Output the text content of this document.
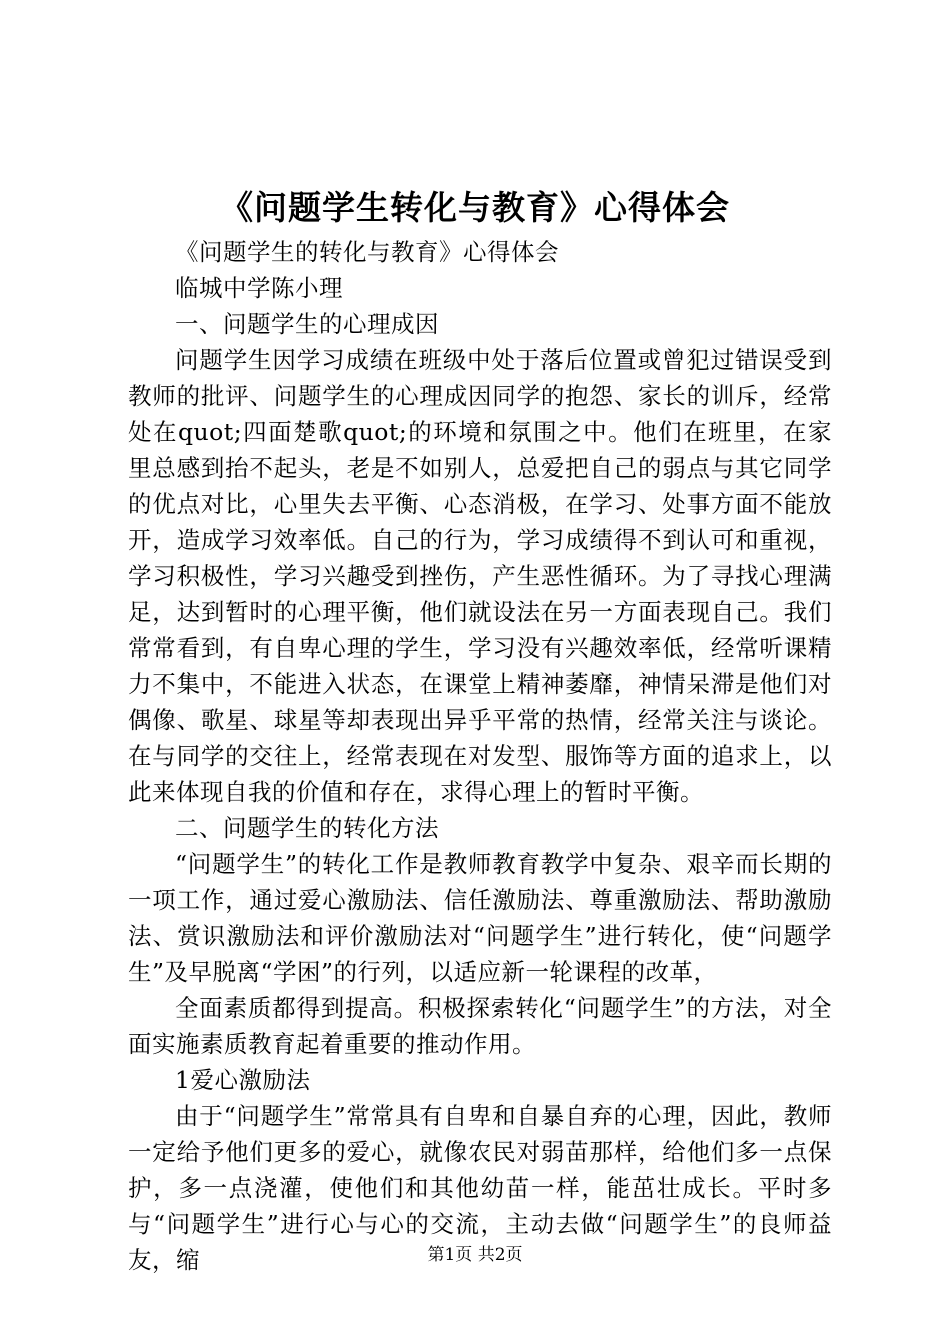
《问题学生转化与教育》心得体会

《问题学生的转化与教育》心得体会

临城中学陈小理

一、问题学生的心理成因

问题学生因学习成绩在班级中处于落后位置或曾犯过错误受到教师的批评、问题学生的心理成因同学的抱怨、家长的训斥，经常处在quot;四面楚歌quot;的环境和氛围之中。他们在班里，在家里总感到抬不起头，老是不如别人，总爱把自己的弱点与其它同学的优点对比，心里失去平衡、心态消极，在学习、处事方面不能放开，造成学习效率低。自己的行为，学习成绩得不到认可和重视，学习积极性，学习兴趣受到挫伤，产生恶性循环。为了寻找心理满足，达到暂时的心理平衡，他们就设法在另一方面表现自己。我们常常看到，有自卑心理的学生，学习没有兴趣效率低，经常听课精力不集中，不能进入状态，在课堂上精神萎靡，神情呆滞是他们对偶像、歌星、球星等却表现出异乎平常的热情，经常关注与谈论。在与同学的交往上，经常表现在对发型、服饰等方面的追求上，以此来体现自我的价值和存在，求得心理上的暂时平衡。

二、问题学生的转化方法

“问题学生”的转化工作是教师教育教学中复杂、艰辛而长期的一项工作，通过爱心激励法、信任激励法、尊重激励法、帮助激励法、赏识激励法和评价激励法对“问题学生”进行转化，使“问题学生”及早脱离“学困”的行列，以适应新一轮课程的改革，

全面素质都得到提高。积极探索转化“问题学生”的方法，对全面实施素质教育起着重要的推动作用。

1爱心激励法

由于“问题学生”常常具有自卑和自暴自弃的心理，因此，教师一定给予他们更多的爱心，就像农民对弱苗那样，给他们多一点保护，多一点浇灌，使他们和其他幼苗一样，能茁壮成长。平时多与“问题学生”进行心与心的交流，主动去做“问题学生”的良师益友，缩	第1页 共2页
